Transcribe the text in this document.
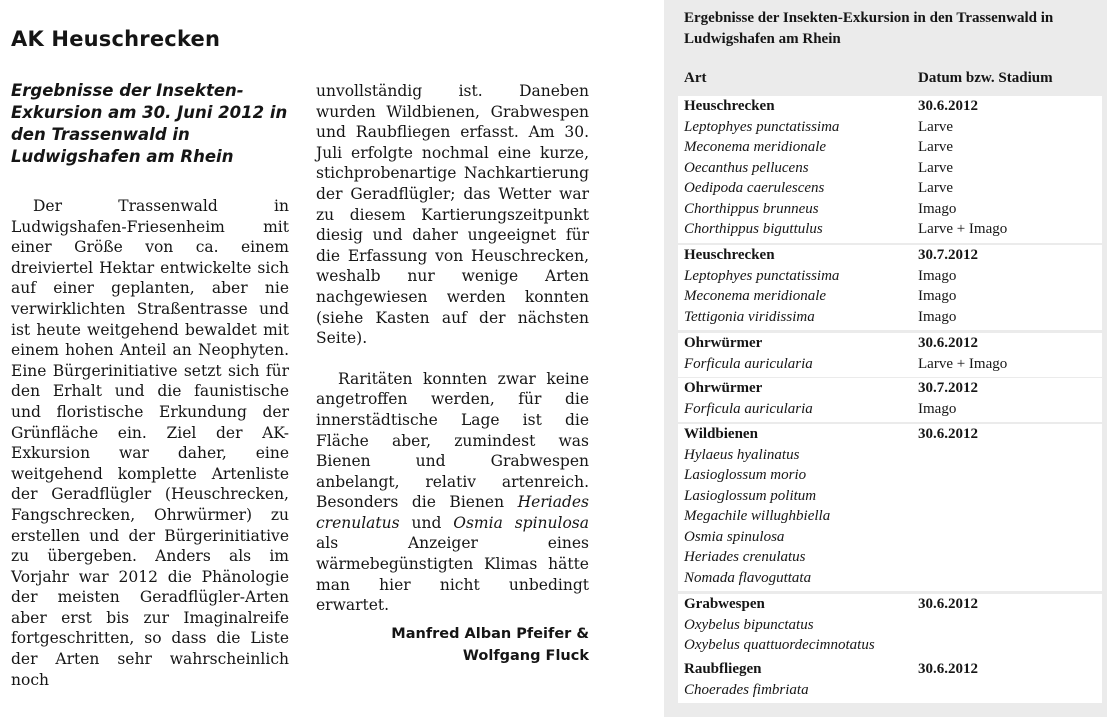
AK Heuschrecken
Ergebnisse der Insekten-Exkursion am 30. Juni 2012 in den Trassenwald in Ludwigshafen am Rhein

Der Trassenwald in Ludwigshafen-Friesenheim mit einer Größe von ca. einem dreiviertel Hektar entwickelte sich auf einer geplanten, aber nie verwirklichten Straßentrasse und ist heute weitgehend bewaldet mit einem hohen Anteil an Neophyten. Eine Bürgerinitiative setzt sich für den Erhalt und die faunistische und floristische Erkundung der Grünfläche ein. Ziel der AK-Exkursion war daher, eine weitgehend komplette Artenliste der Geradflügler (Heuschrecken, Fangschrecken, Ohrwürmer) zu erstellen und der Bürgerinitiative zu übergeben. Anders als im Vorjahr war 2012 die Phänologie der meisten Geradflügler-Arten aber erst bis zur Imaginalreife fortgeschritten, so dass die Liste der Arten sehr wahrscheinlich noch

unvollständig ist. Daneben wurden Wildbienen, Grabwespen und Raubfliegen erfasst. Am 30. Juli erfolgte nochmal eine kurze, stichprobenartige Nachkartierung der Geradflügler; das Wetter war zu diesem Kartierungszeitpunkt diesig und daher ungeeignet für die Erfassung von Heuschrecken, weshalb nur wenige Arten nachgewiesen werden konnten (siehe Kasten auf der nächsten Seite).

Raritäten konnten zwar keine angetroffen werden, für die innerstädtische Lage ist die Fläche aber, zumindest was Bienen und Grabwespen anbelangt, relativ artenreich. Besonders die Bienen Heriades crenulatus und Osmia spinulosa als Anzeiger eines wärmebegünstigten Klimas hätte man hier nicht unbedingt erwartet.

Manfred Alban Pfeifer &
Wolfgang Fluck
Ergebnisse der Insekten-Exkursion in den Trassenwald in Ludwigshafen am Rhein
Art	Datum bzw. Stadium
Heuschrecken	30.6.2012
Leptophyes punctatissima	Larve
Meconema meridionale	Larve
Oecanthus pellucens	Larve
Oedipoda caerulescens	Larve
Chorthippus brunneus	Imago
Chorthippus biguttulus	Larve + Imago
Heuschrecken	30.7.2012
Leptophyes punctatissima	Imago
Meconema meridionale	Imago
Tettigonia viridissima	Imago
Ohrwürmer	30.6.2012
Forficula auricularia	Larve + Imago
Ohrwürmer	30.7.2012
Forficula auricularia	Imago
Wildbienen	30.6.2012
Hylaeus hyalinatus
Lasioglossum morio
Lasioglossum politum
Megachile willughbiella
Osmia spinulosa
Heriades crenulatus
Nomada flavoguttata
Grabwespen	30.6.2012
Oxybelus bipunctatus
Oxybelus quattuordecimnotatus
Raubfliegen	30.6.2012
Choerades fimbriata
